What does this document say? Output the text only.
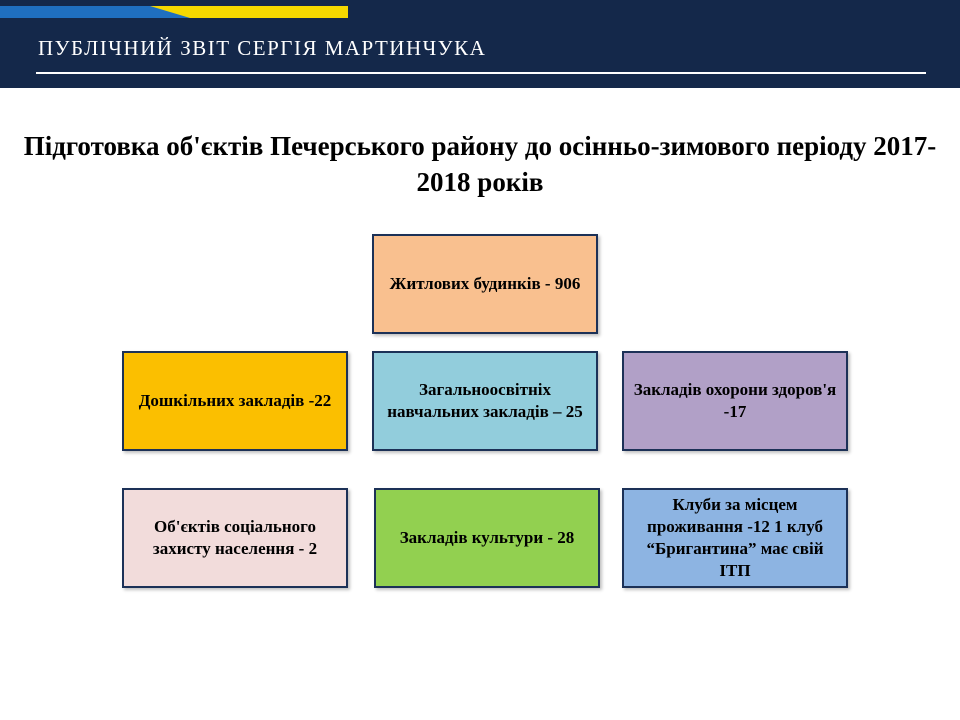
ПУБЛІЧНИЙ ЗВІТ СЕРГІЯ МАРТИНЧУКА
Підготовка об'єктів Печерського району до осінньо-зимового періоду 2017-2018 років
Житлових будинків - 906
Дошкільних закладів -22
Загальноосвітніх навчальних закладів – 25
Закладів охорони здоров'я -17
Об'єктів соціального захисту населення - 2
Закладів культури - 28
Клуби за місцем проживання -12 1 клуб “Бригантина” має свій ІТП
